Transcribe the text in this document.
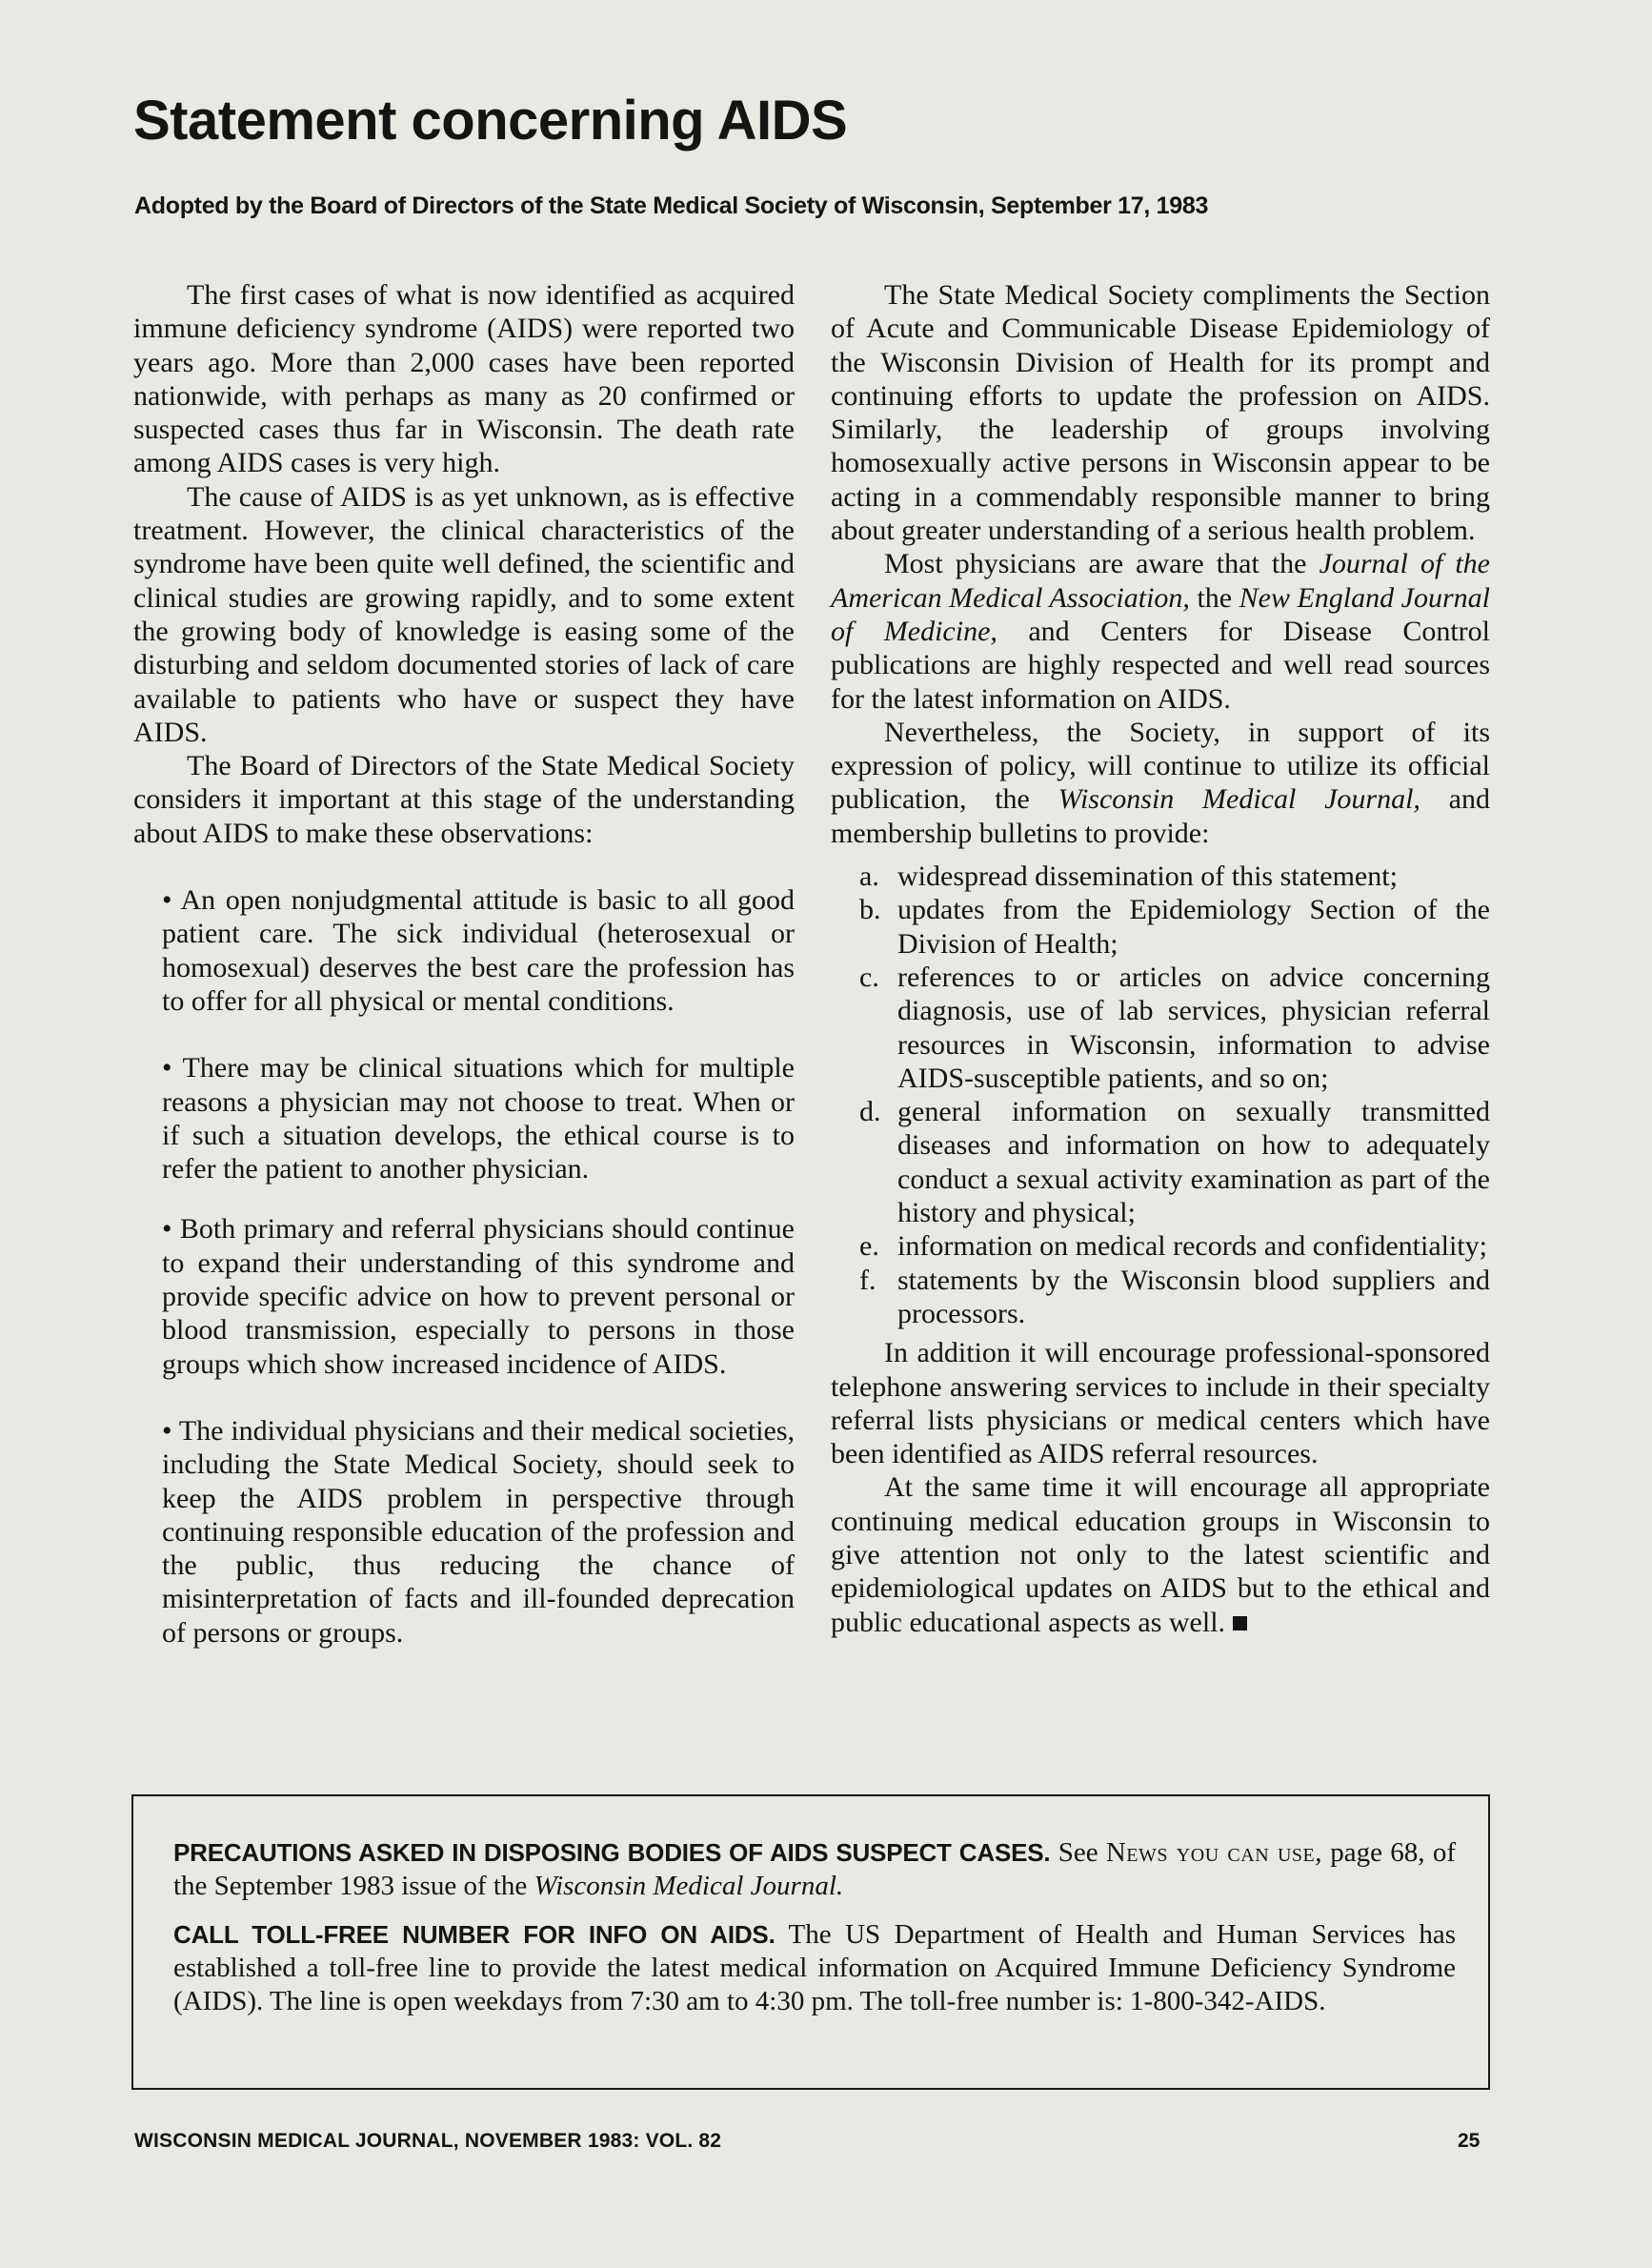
Statement concerning AIDS

Adopted by the Board of Directors of the State Medical Society of Wisconsin, September 17, 1983

The first cases of what is now identified as acquired immune deficiency syndrome (AIDS) were reported two years ago. More than 2,000 cases have been reported nationwide, with perhaps as many as 20 confirmed or suspected cases thus far in Wisconsin. The death rate among AIDS cases is very high.

The cause of AIDS is as yet unknown, as is effective treatment. However, the clinical characteristics of the syndrome have been quite well defined, the scientific and clinical studies are growing rapidly, and to some extent the growing body of knowledge is easing some of the disturbing and seldom documented stories of lack of care available to patients who have or suspect they have AIDS.

The Board of Directors of the State Medical Society considers it important at this stage of the understanding about AIDS to make these observations:

• An open nonjudgmental attitude is basic to all good patient care. The sick individual (heterosexual or homosexual) deserves the best care the profession has to offer for all physical or mental conditions.

• There may be clinical situations which for multiple reasons a physician may not choose to treat. When or if such a situation develops, the ethical course is to refer the patient to another physician.

• Both primary and referral physicians should continue to expand their understanding of this syndrome and provide specific advice on how to prevent personal or blood transmission, especially to persons in those groups which show increased incidence of AIDS.

• The individual physicians and their medical societies, including the State Medical Society, should seek to keep the AIDS problem in perspective through continuing responsible education of the profession and the public, thus reducing the chance of misinterpretation of facts and ill-founded deprecation of persons or groups.

The State Medical Society compliments the Section of Acute and Communicable Disease Epidemiology of the Wisconsin Division of Health for its prompt and continuing efforts to update the profession on AIDS. Similarly, the leadership of groups involving homosexually active persons in Wisconsin appear to be acting in a commendably responsible manner to bring about greater understanding of a serious health problem.

Most physicians are aware that the Journal of the American Medical Association, the New England Journal of Medicine, and Centers for Disease Control publications are highly respected and well read sources for the latest information on AIDS.

Nevertheless, the Society, in support of its expression of policy, will continue to utilize its official publication, the Wisconsin Medical Journal, and membership bulletins to provide:

a. widespread dissemination of this statement;
b. updates from the Epidemiology Section of the Division of Health;
c. references to or articles on advice concerning diagnosis, use of lab services, physician referral resources in Wisconsin, information to advise AIDS-susceptible patients, and so on;
d. general information on sexually transmitted diseases and information on how to adequately conduct a sexual activity examination as part of the history and physical;
e. information on medical records and confidentiality;
f. statements by the Wisconsin blood suppliers and processors.

In addition it will encourage professional-sponsored telephone answering services to include in their specialty referral lists physicians or medical centers which have been identified as AIDS referral resources.

At the same time it will encourage all appropriate continuing medical education groups in Wisconsin to give attention not only to the latest scientific and epidemiological updates on AIDS but to the ethical and public educational aspects as well.

PRECAUTIONS ASKED IN DISPOSING BODIES OF AIDS SUSPECT CASES. See News you can use, page 68, of the September 1983 issue of the Wisconsin Medical Journal.

CALL TOLL-FREE NUMBER FOR INFO ON AIDS. The US Department of Health and Human Services has established a toll-free line to provide the latest medical information on Acquired Immune Deficiency Syndrome (AIDS). The line is open weekdays from 7:30 am to 4:30 pm. The toll-free number is: 1-800-342-AIDS.

WISCONSIN MEDICAL JOURNAL, NOVEMBER 1983: VOL. 82	25
